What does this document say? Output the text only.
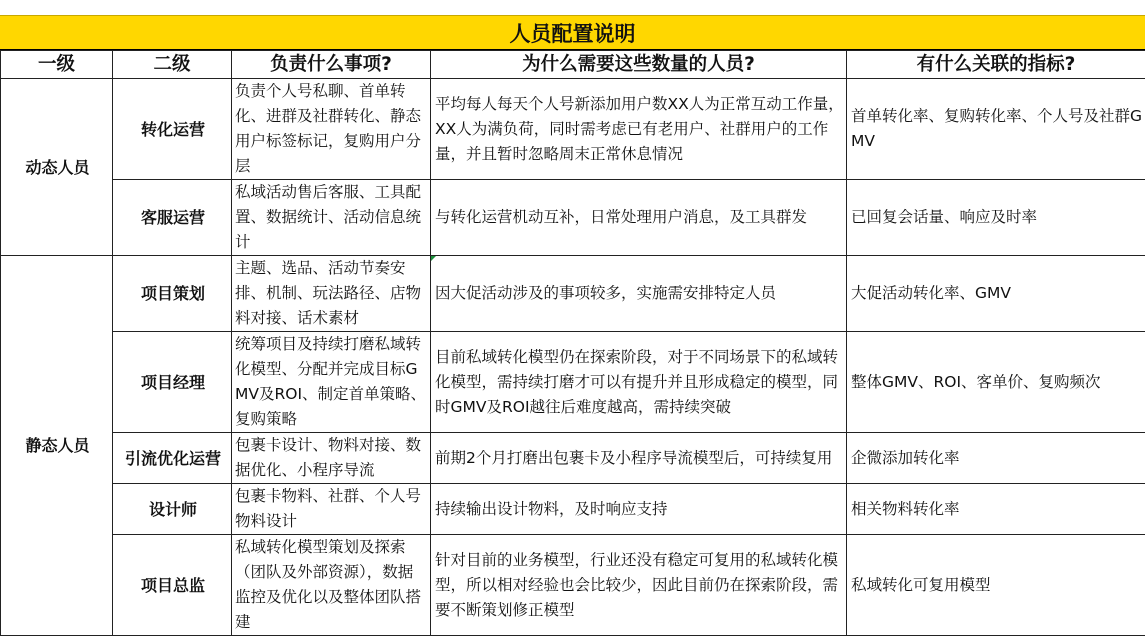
人员配置说明
一级	二级	负责什么事项?	为什么需要这些数量的人员?	有什么关联的指标?
动态人员	转化运营	负责个人号私聊、首单转化、进群及社群转化、静态用户标签标记，复购用户分层	平均每人每天个人号新添加用户数XX人为正常互动工作量，XX人为满负荷，同时需考虑已有老用户、社群用户的工作量，并且暂时忽略周末正常休息情况	首单转化率、复购转化率、个人号及社群GMV
	客服运营	私域活动售后客服、工具配置、数据统计、活动信息统计	与转化运营机动互补，日常处理用户消息，及工具群发	已回复会话量、响应及时率
静态人员	项目策划	主题、选品、活动节奏安排、机制、玩法路径、店物料对接、话术素材	因大促活动涉及的事项较多，实施需安排特定人员	大促活动转化率、GMV
	项目经理	统筹项目及持续打磨私域转化模型、分配并完成目标GMV及ROI、制定首单策略、复购策略	目前私域转化模型仍在探索阶段，对于不同场景下的私域转化模型，需持续打磨才可以有提升并且形成稳定的模型，同时GMV及ROI越往后难度越高，需持续突破	整体GMV、ROI、客单价、复购频次
	引流优化运营	包裹卡设计、物料对接、数据优化、小程序导流	前期2个月打磨出包裹卡及小程序导流模型后，可持续复用	企微添加转化率
	设计师	包裹卡物料、社群、个人号物料设计	持续输出设计物料，及时响应支持	相关物料转化率
	项目总监	私域转化模型策划及探索（团队及外部资源），数据监控及优化以及整体团队搭建	针对目前的业务模型，行业还没有稳定可复用的私域转化模型，所以相对经验也会比较少，因此目前仍在探索阶段，需要不断策划修正模型	私域转化可复用模型
